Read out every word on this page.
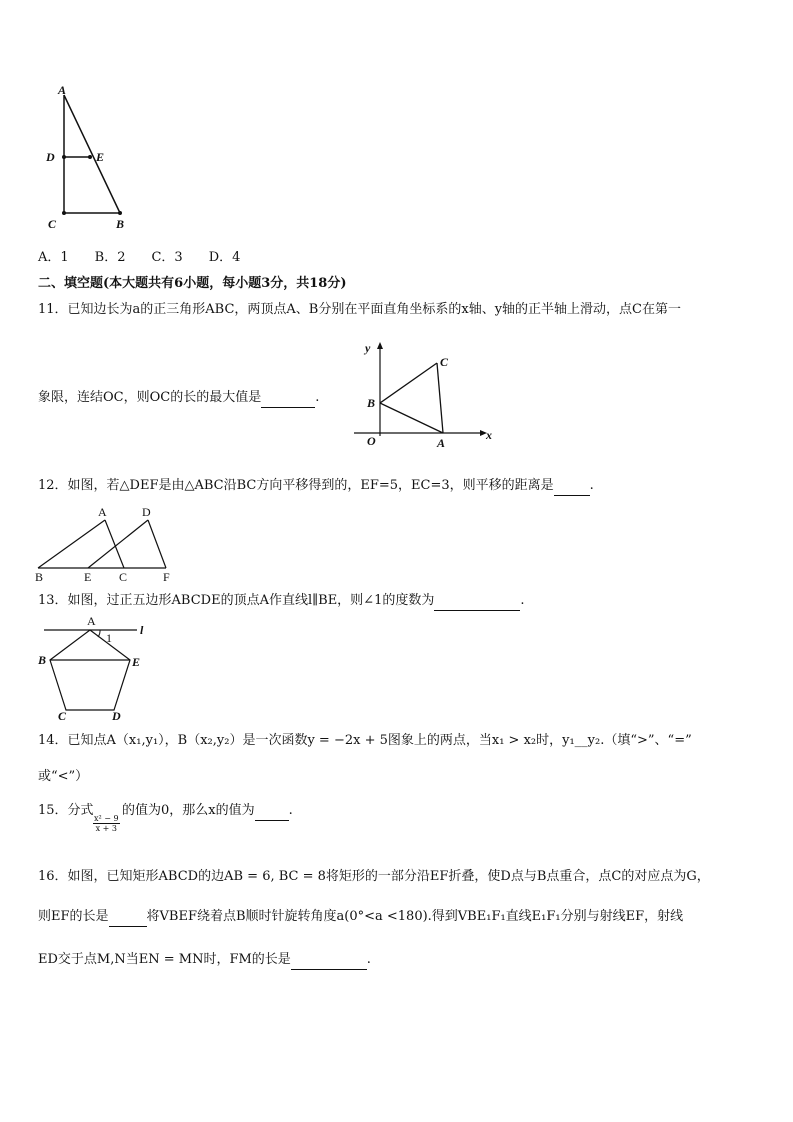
A
D	E
C	B
A．1　　B．2　　C．3　　D．4
二、填空题(本大题共有6小题，每小题3分，共18分)
11．已知边长为a的正三角形ABC，两顶点A、B分别在平面直角坐标系的x轴、y轴的正半轴上滑动，点C在第一
y
C
B
O	A
x
象限，连结OC，则OC的长的最大值是	.
12．如图，若△DEF是由△ABC沿BC方向平移得到的，EF=5，EC=3，则平移的距离是	.
A	D
B	E C	F
13．如图，过正五边形ABCDE的顶点A作直线l∥BE，则∠1的度数为	.
A
l
1
B	E
C	D
14．已知点A（x₁,y₁），B（x₂,y₂）是一次函数y = −2x + 5图象上的两点，当x₁ > x₂时，y₁__y₂.（填“>”、“=”
或“<”）
15．分式
$\frac{\text{x² − 9}}{x + 3}$
的值为0，那么x的值为	.
16．如图，已知矩形ABCD的边AB = 6, BC = 8将矩形的一部分沿EF折叠，使D点与B点重合，点C的对应点为G，
则EF的长是	将VBEF绕着点B顺时针旋转角度a(0°<a <180).得到VBE₁F₁直线E₁F₁分别与射线EF，射线
ED交于点M,N当EN = MN时，FM的长是	.
